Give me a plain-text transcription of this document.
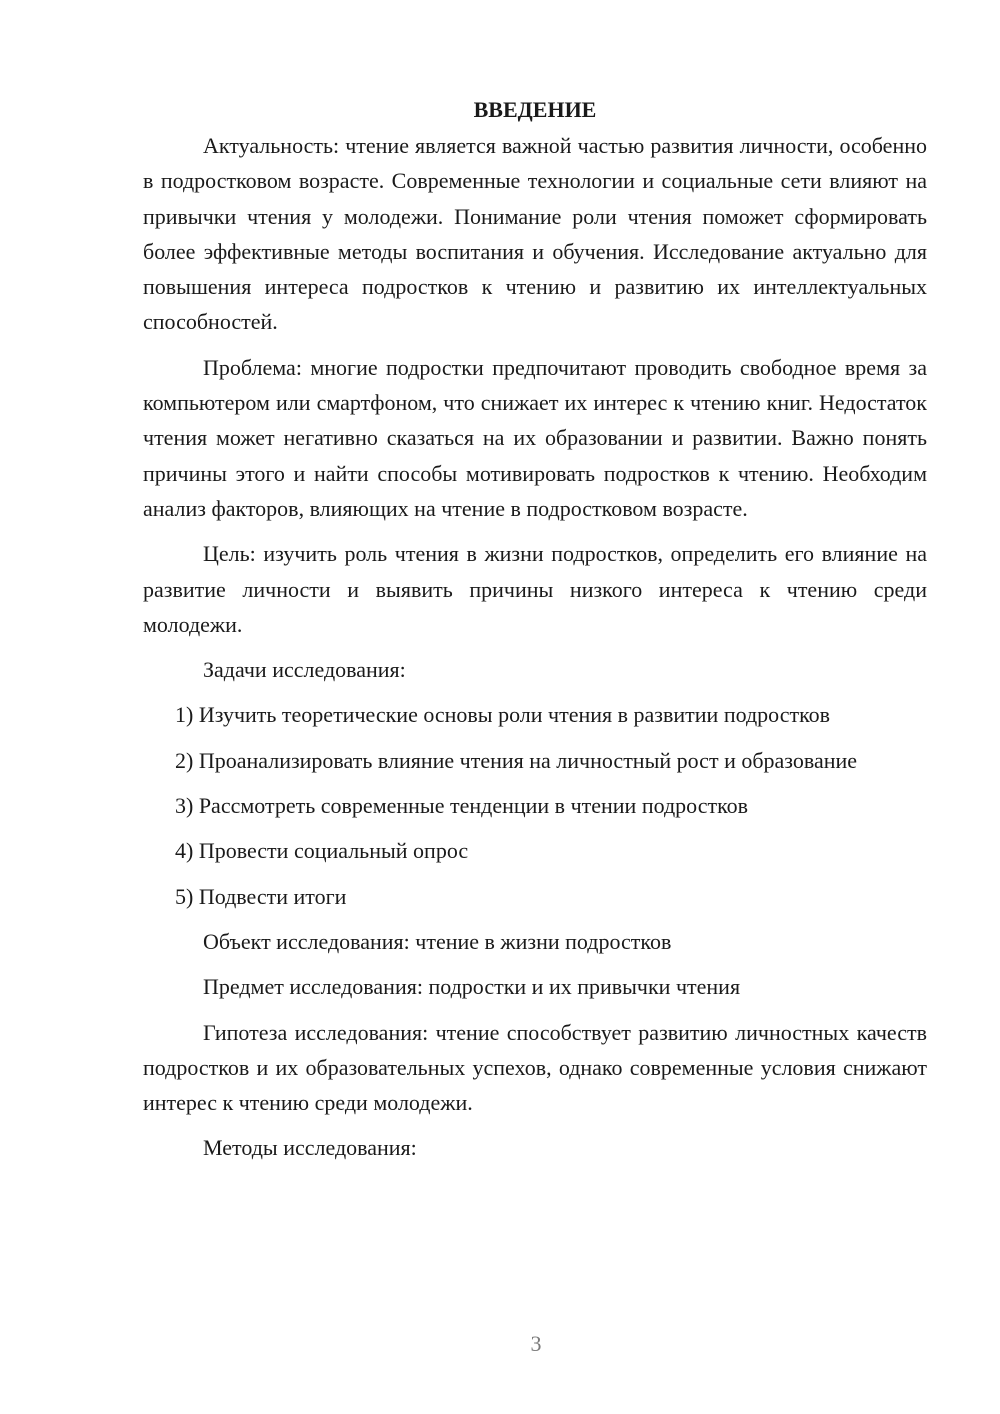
ВВЕДЕНИЕ

Актуальность: чтение является важной частью развития личности, особенно в подростковом возрасте. Современные технологии и социальные сети влияют на привычки чтения у молодежи. Понимание роли чтения поможет сформировать более эффективные методы воспитания и обучения. Исследование актуально для повышения интереса подростков к чтению и развитию их интеллектуальных способностей.

Проблема: многие подростки предпочитают проводить свободное время за компьютером или смартфоном, что снижает их интерес к чтению книг. Недостаток чтения может негативно сказаться на их образовании и развитии. Важно понять причины этого и найти способы мотивировать подростков к чтению. Необходим анализ факторов, влияющих на чтение в подростковом возрасте.

Цель: изучить роль чтения в жизни подростков, определить его влияние на развитие личности и выявить причины низкого интереса к чтению среди молодежи.

Задачи исследования:

1) Изучить теоретические основы роли чтения в развитии подростков

2) Проанализировать влияние чтения на личностный рост и образование

3) Рассмотреть современные тенденции в чтении подростков

4) Провести социальный опрос

5) Подвести итоги

Объект исследования: чтение в жизни подростков

Предмет исследования: подростки и их привычки чтения

Гипотеза исследования: чтение способствует развитию личностных качеств подростков и их образовательных успехов, однако современные условия снижают интерес к чтению среди молодежи.

Методы исследования:

3
